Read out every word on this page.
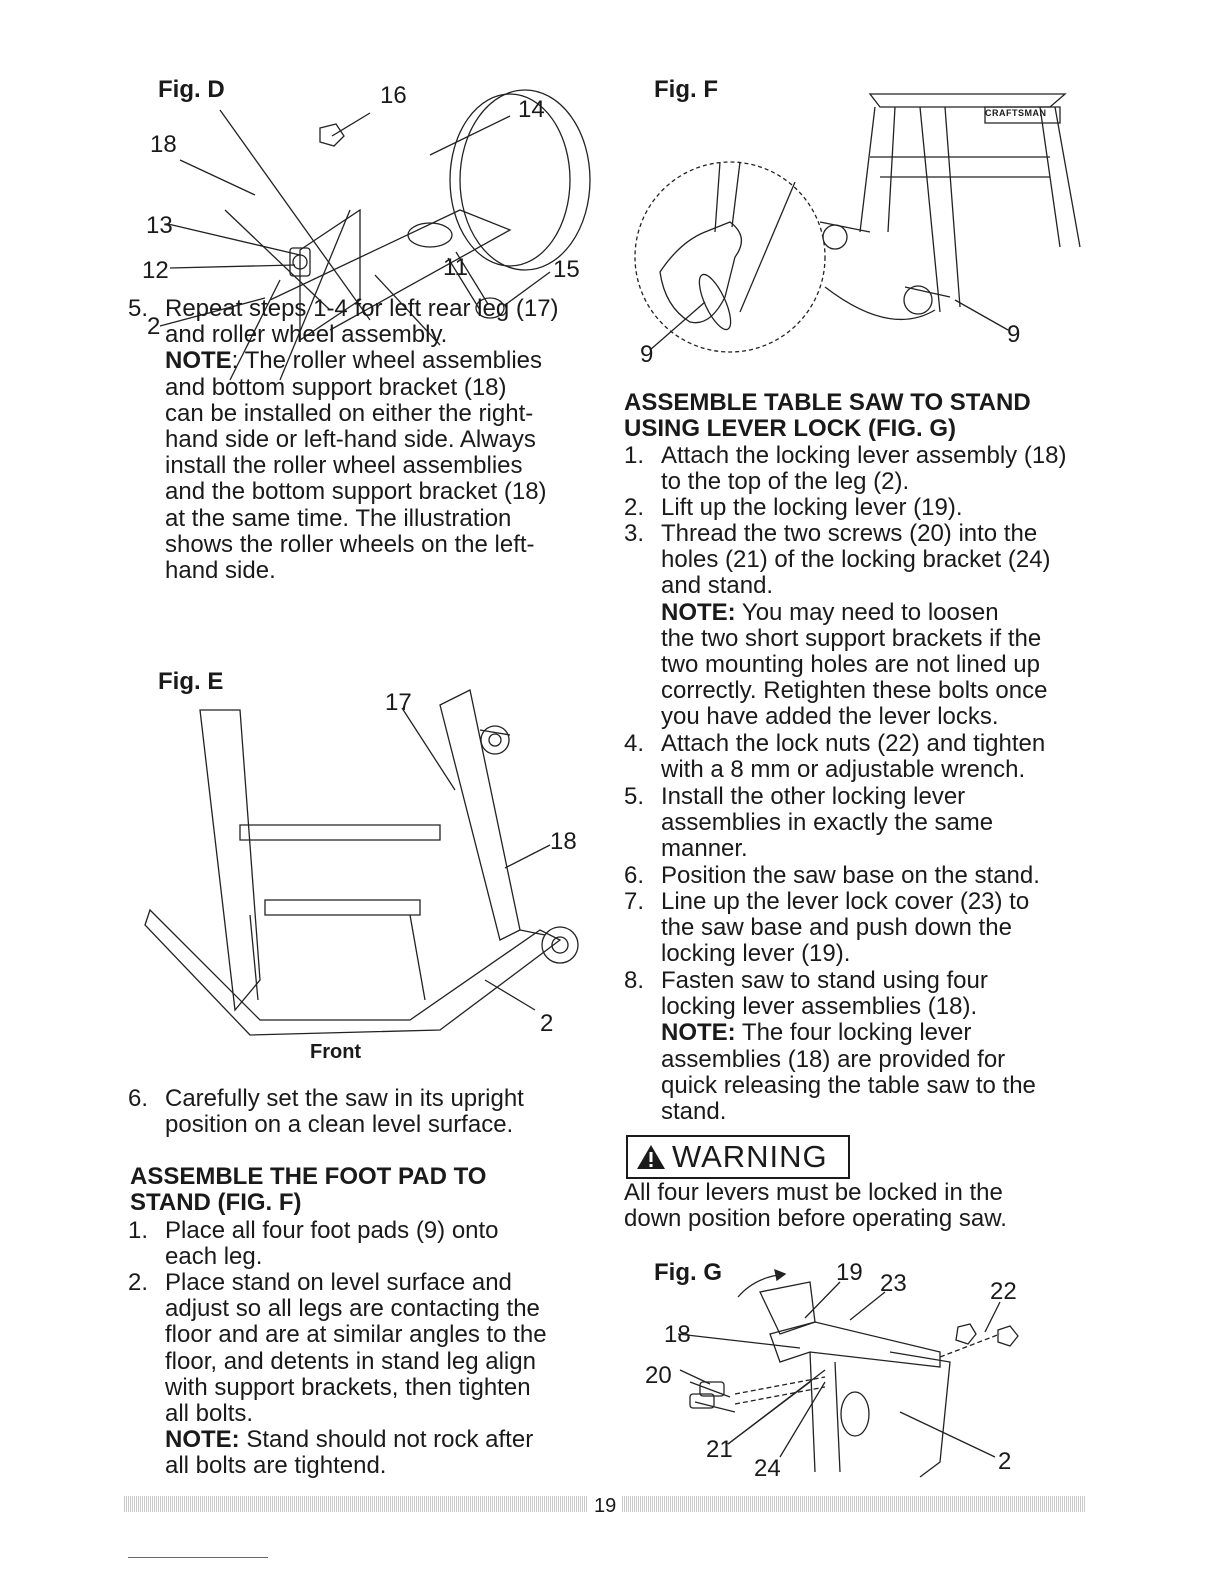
Fig. D	16
14
18
13
12	15
2
11
5. Repeat steps 1-4 for left rear leg (17)
and roller wheel assembly.
NOTE: The roller wheel assemblies
and bottom support bracket (18)
can be installed on either the right-
hand side or left-hand side. Always
install the roller wheel assemblies
and the bottom support bracket (18)
at the same time. The illustration
shows the roller wheels on the left-
hand side.
Fig. E
17
18
2
Front
6. Carefully set the saw in its upright
position on a clean level surface.
ASSEMBLE THE FOOT PAD TO
STAND (FIG. F)
1. Place all four foot pads (9) onto
each leg.
2. Place stand on level surface and
adjust so all legs are contacting the
floor and are at similar angles to the
floor, and detents in stand leg align
with support brackets, then tighten
all bolts.
NOTE: Stand should not rock after
all bolts are tightend.
Fig. F
CRAFTSMAN
9
9
ASSEMBLE TABLE SAW TO STAND
USING LEVER LOCK (FIG. G)
1. Attach the locking lever assembly (18)
to the top of the leg (2).
2. Lift up the locking lever (19).
3. Thread the two screws (20) into the
holes (21) of the locking bracket (24)
and stand.
NOTE: You may need to loosen
the two short support brackets if the
two mounting holes are not lined up
correctly. Retighten these bolts once
you have added the lever locks.
4. Attach the lock nuts (22) and tighten
with a 8 mm or adjustable wrench.
5. Install the other locking lever
assemblies in exactly the same
manner.
6. Position the saw base on the stand.
7. Line up the lever lock cover (23) to
the saw base and push down the
locking lever (19).
8. Fasten saw to stand using four
locking lever assemblies (18).
NOTE: The four locking lever
assemblies (18) are provided for
quick releasing the table saw to the
stand.
WARNING
All four levers must be locked in the
down position before operating saw.
Fig. G	19 23	22
18
20
21
24	2
19
